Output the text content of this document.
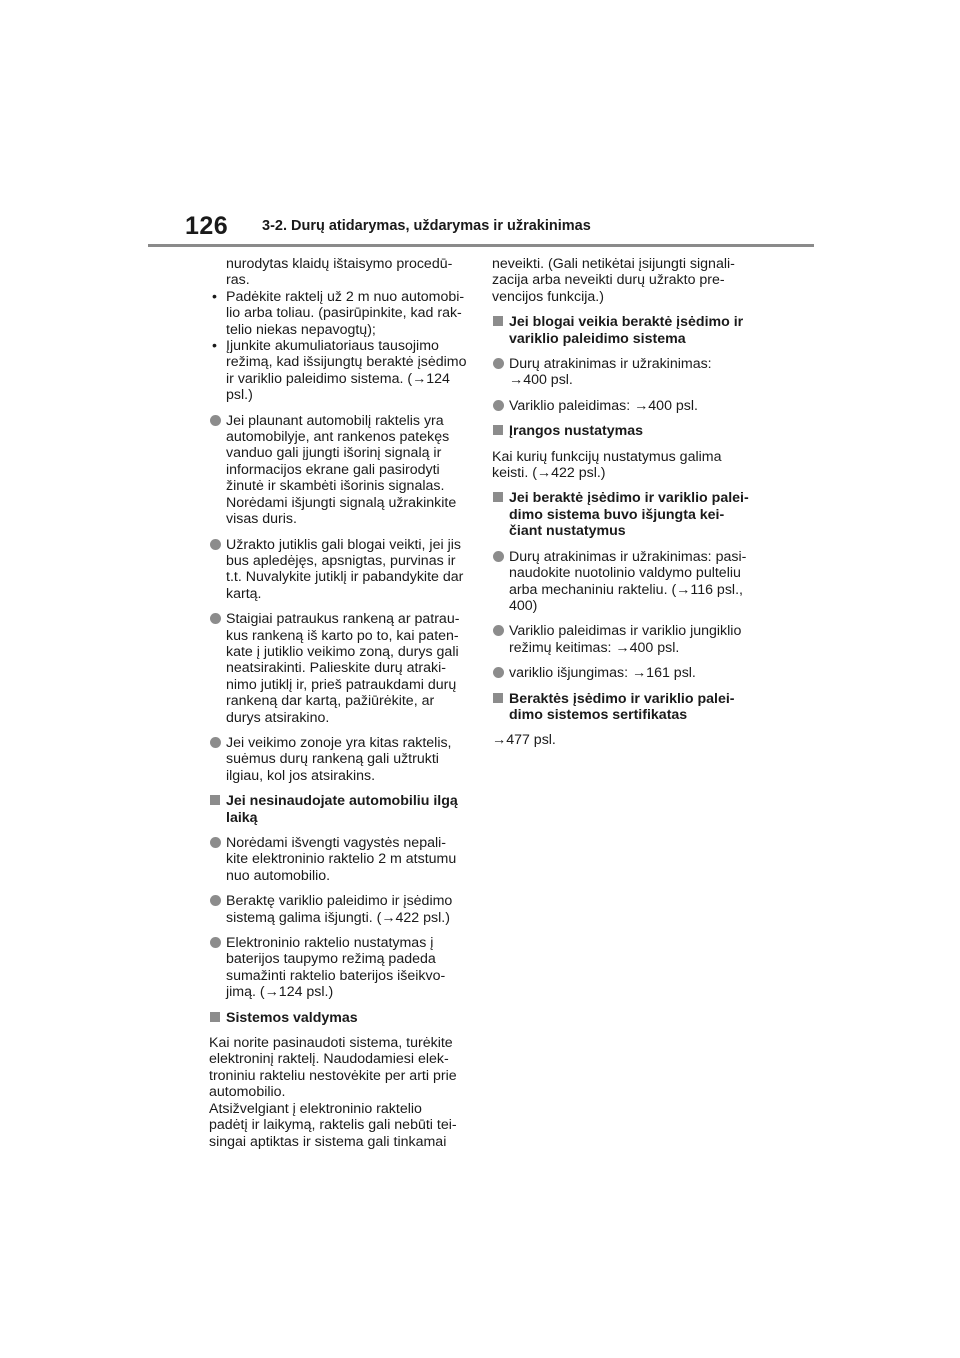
126 3-2. Durų atidarymas, uždarymas ir užrakinimas
nurodytas klaidų ištaisymo procedū-
ras.
• Padėkite raktelį už 2 m nuo automobi-
lio arba toliau. (pasirūpinkite, kad rak-
telio niekas nepavogtų);
• Įjunkite akumuliatoriaus tausojimo
režimą, kad išsijungtų beraktė įsėdimo
ir variklio paleidimo sistema. (→124
psl.)
Jei plaunant automobilį raktelis yra
automobilyje, ant rankenos patekęs
vanduo gali įjungti išorinį signalą ir
informacijos ekrane gali pasirodyti
žinutė ir skambėti išorinis signalas.
Norėdami išjungti signalą užrakinkite
visas duris.
Užrakto jutiklis gali blogai veikti, jei jis
bus apledėjęs, apsnigtas, purvinas ir
t.t. Nuvalykite jutiklį ir pabandykite dar
kartą.
Staigiai patraukus rankeną ar patrau-
kus rankeną iš karto po to, kai paten-
kate į jutiklio veikimo zoną, durys gali
neatsirakinti. Palieskite durų atraki-
nimo jutiklį ir, prieš patraukdami durų
rankeną dar kartą, pažiūrėkite, ar
durys atsirakino.
Jei veikimo zonoje yra kitas raktelis,
suėmus durų rankeną gali užtrukti
ilgiau, kol jos atsirakins.
Jei nesinaudojate automobiliu ilgą
laiką
Norėdami išvengti vagystės nepali-
kite elektroninio raktelio 2 m atstumu
nuo automobilio.
Beraktę variklio paleidimo ir įsėdimo
sistemą galima išjungti. (→422 psl.)
Elektroninio raktelio nustatymas į
baterijos taupymo režimą padeda
sumažinti raktelio baterijos išeikvo-
jimą. (→124 psl.)
Sistemos valdymas
Kai norite pasinaudoti sistema, turėkite
elektroninį raktelį. Naudodamiesi elek-
troniniu rakteliu nestovėkite per arti prie
automobilio.
Atsižvelgiant į elektroninio raktelio
padėtį ir laikymą, raktelis gali nebūti tei-
singai aptiktas ir sistema gali tinkamai
neveikti. (Gali netikėtai įsijungti signali-
zacija arba neveikti durų užrakto pre-
vencijos funkcija.)
Jei blogai veikia beraktė įsėdimo ir
variklio paleidimo sistema
Durų atrakinimas ir užrakinimas:
→400 psl.
Variklio paleidimas: →400 psl.
Įrangos nustatymas
Kai kurių funkcijų nustatymus galima
keisti. (→422 psl.)
Jei beraktė įsėdimo ir variklio palei-
dimo sistema buvo išjungta kei-
čiant nustatymus
Durų atrakinimas ir užrakinimas: pasi-
naudokite nuotolinio valdymo pulteliu
arba mechaniniu rakteliu. (→116 psl.,
400)
Variklio paleidimas ir variklio jungiklio
režimų keitimas: →400 psl.
variklio išjungimas: →161 psl.
Beraktės įsėdimo ir variklio palei-
dimo sistemos sertifikatas
→477 psl.
